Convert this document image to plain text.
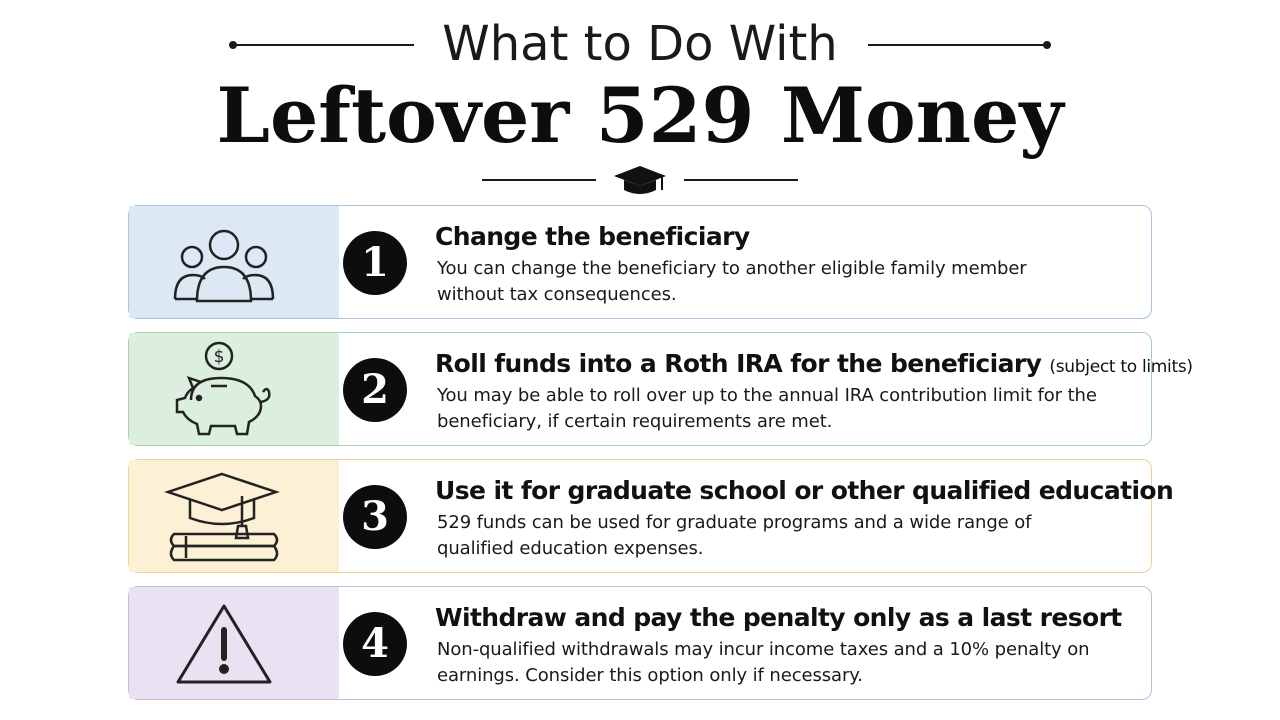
What to Do With
Leftover 529 Money
1
Change the beneficiary
You can change the beneficiary to another eligible family member without tax consequences.
$
2
Roll funds into a Roth IRA for the beneficiary (subject to limits)
You may be able to roll over up to the annual IRA contribution limit for the beneficiary, if certain requirements are met.
3
Use it for graduate school or other qualified education
529 funds can be used for graduate programs and a wide range of qualified education expenses.
4
Withdraw and pay the penalty only as a last resort
Non-qualified withdrawals may incur income taxes and a 10% penalty on earnings. Consider this option only if necessary.
